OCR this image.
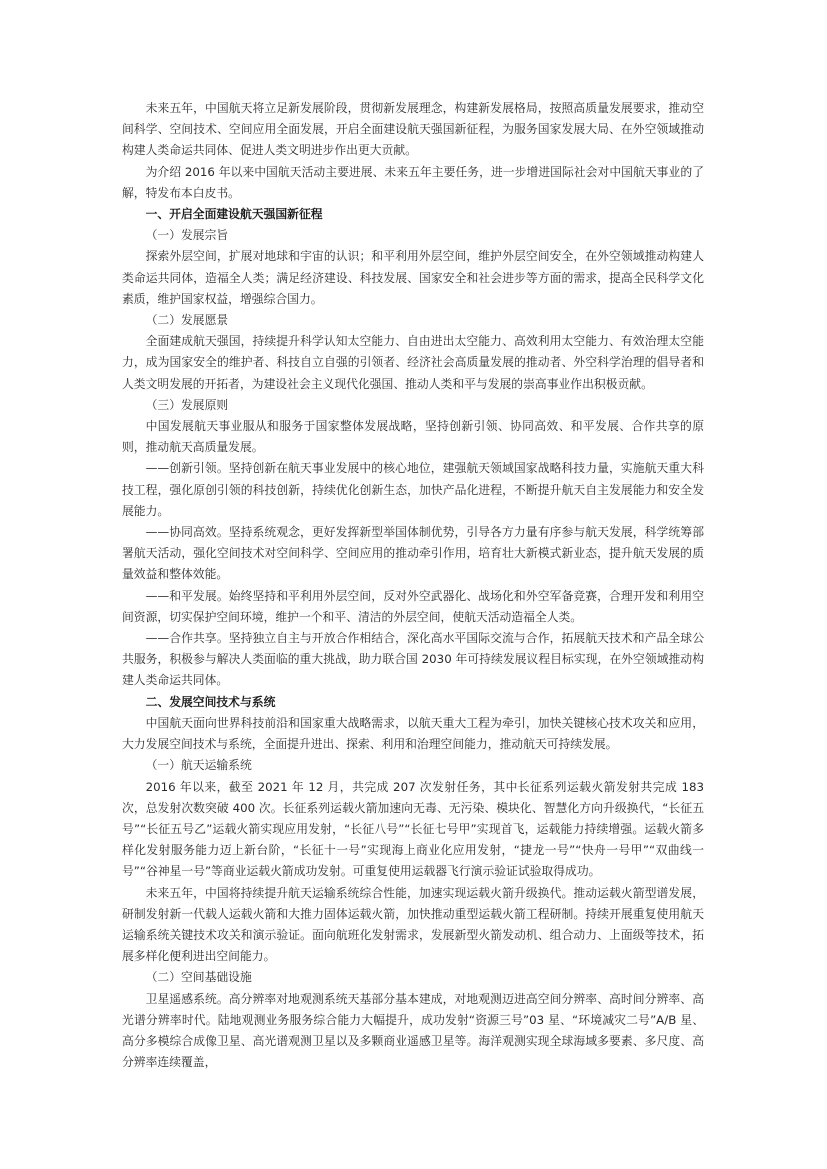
未来五年，中国航天将立足新发展阶段，贯彻新发展理念，构建新发展格局，按照高质量发展要求，推动空间科学、空间技术、空间应用全面发展，开启全面建设航天强国新征程，为服务国家发展大局、在外空领域推动构建人类命运共同体、促进人类文明进步作出更大贡献。

为介绍 2016 年以来中国航天活动主要进展、未来五年主要任务，进一步增进国际社会对中国航天事业的了解，特发布本白皮书。

一、开启全面建设航天强国新征程

（一）发展宗旨

探索外层空间，扩展对地球和宇宙的认识；和平利用外层空间，维护外层空间安全，在外空领域推动构建人类命运共同体，造福全人类；满足经济建设、科技发展、国家安全和社会进步等方面的需求，提高全民科学文化素质，维护国家权益，增强综合国力。

（二）发展愿景

全面建成航天强国，持续提升科学认知太空能力、自由进出太空能力、高效利用太空能力、有效治理太空能力，成为国家安全的维护者、科技自立自强的引领者、经济社会高质量发展的推动者、外空科学治理的倡导者和人类文明发展的开拓者，为建设社会主义现代化强国、推动人类和平与发展的崇高事业作出积极贡献。

（三）发展原则

中国发展航天事业服从和服务于国家整体发展战略，坚持创新引领、协同高效、和平发展、合作共享的原则，推动航天高质量发展。

——创新引领。坚持创新在航天事业发展中的核心地位，建强航天领域国家战略科技力量，实施航天重大科技工程，强化原创引领的科技创新，持续优化创新生态，加快产品化进程，不断提升航天自主发展能力和安全发展能力。

——协同高效。坚持系统观念，更好发挥新型举国体制优势，引导各方力量有序参与航天发展，科学统筹部署航天活动，强化空间技术对空间科学、空间应用的推动牵引作用，培育壮大新模式新业态，提升航天发展的质量效益和整体效能。

——和平发展。始终坚持和平利用外层空间，反对外空武器化、战场化和外空军备竞赛，合理开发和利用空间资源，切实保护空间环境，维护一个和平、清洁的外层空间，使航天活动造福全人类。

——合作共享。坚持独立自主与开放合作相结合，深化高水平国际交流与合作，拓展航天技术和产品全球公共服务，积极参与解决人类面临的重大挑战，助力联合国 2030 年可持续发展议程目标实现，在外空领域推动构建人类命运共同体。

二、发展空间技术与系统

中国航天面向世界科技前沿和国家重大战略需求，以航天重大工程为牵引，加快关键核心技术攻关和应用，大力发展空间技术与系统，全面提升进出、探索、利用和治理空间能力，推动航天可持续发展。

（一）航天运输系统

2016 年以来，截至 2021 年 12 月，共完成 207 次发射任务，其中长征系列运载火箭发射共完成 183 次，总发射次数突破 400 次。长征系列运载火箭加速向无毒、无污染、模块化、智慧化方向升级换代，“长征五号”“长征五号乙”运载火箭实现应用发射，“长征八号”“长征七号甲”实现首飞，运载能力持续增强。运载火箭多样化发射服务能力迈上新台阶，“长征十一号”实现海上商业化应用发射，“捷龙一号”“快舟一号甲”“双曲线一号”“谷神星一号”等商业运载火箭成功发射。可重复使用运载器飞行演示验证试验取得成功。

未来五年，中国将持续提升航天运输系统综合性能，加速实现运载火箭升级换代。推动运载火箭型谱发展，研制发射新一代载人运载火箭和大推力固体运载火箭，加快推动重型运载火箭工程研制。持续开展重复使用航天运输系统关键技术攻关和演示验证。面向航班化发射需求，发展新型火箭发动机、组合动力、上面级等技术，拓展多样化便利进出空间能力。

（二）空间基础设施

卫星遥感系统。高分辨率对地观测系统天基部分基本建成，对地观测迈进高空间分辨率、高时间分辨率、高光谱分辨率时代。陆地观测业务服务综合能力大幅提升，成功发射“资源三号”03 星、“环境减灾二号”A/B 星、高分多模综合成像卫星、高光谱观测卫星以及多颗商业遥感卫星等。海洋观测实现全球海域多要素、多尺度、高分辨率连续覆盖，
